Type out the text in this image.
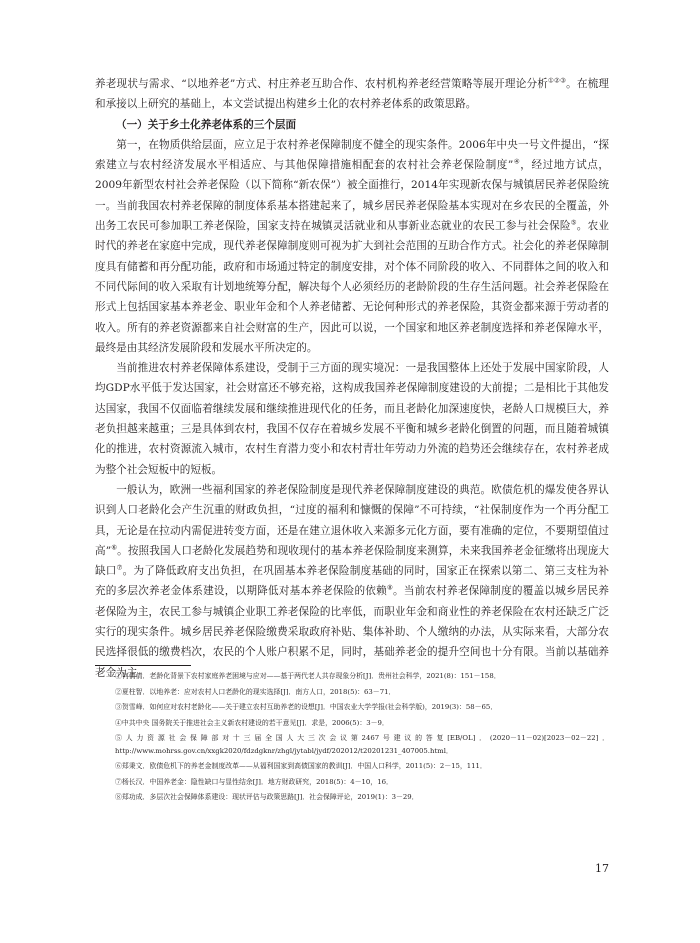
养老现状与需求、“以地养老”方式、村庄养老互助合作、农村机构养老经营策略等展开理论分析①②③。在梳理和承接以上研究的基础上，本文尝试提出构建乡土化的农村养老体系的政策思路。

（一）关于乡土化养老体系的三个层面

第一，在物质供给层面，应立足于农村养老保障制度不健全的现实条件。2006年中央一号文件提出，“探索建立与农村经济发展水平相适应、与其他保障措施相配套的农村社会养老保险制度”④，经过地方试点，2009年新型农村社会养老保险（以下简称“新农保”）被全面推行，2014年实现新农保与城镇居民养老保险统一。当前我国农村养老保障的制度体系基本搭建起来了，城乡居民养老保险基本实现对在乡农民的全覆盖，外出务工农民可参加职工养老保险，国家支持在城镇灵活就业和从事新业态就业的农民工参与社会保险⑤。农业时代的养老在家庭中完成，现代养老保障制度则可视为扩大到社会范围的互助合作方式。社会化的养老保障制度具有储蓄和再分配功能，政府和市场通过特定的制度安排，对个体不同阶段的收入、不同群体之间的收入和不同代际间的收入采取有计划地统筹分配，解决每个人必须经历的老龄阶段的生存生活问题。社会养老保险在形式上包括国家基本养老金、职业年金和个人养老储蓄、无论何种形式的养老保险，其资金都来源于劳动者的收入。所有的养老资源都来自社会财富的生产，因此可以说，一个国家和地区养老制度选择和养老保障水平，最终是由其经济发展阶段和发展水平所决定的。

当前推进农村养老保障体系建设，受制于三方面的现实境况：一是我国整体上还处于发展中国家阶段，人均GDP水平低于发达国家，社会财富还不够充裕，这构成我国养老保障制度建设的大前提；二是相比于其他发达国家，我国不仅面临着继续发展和继续推进现代化的任务，而且老龄化加深速度快，老龄人口规模巨大，养老负担越来越重；三是具体到农村，我国不仅存在着城乡发展不平衡和城乡老龄化倒置的问题，而且随着城镇化的推进，农村资源流入城市，农村生育潜力变小和农村青壮年劳动力外流的趋势还会继续存在，农村养老成为整个社会短板中的短板。

一般认为，欧洲一些福利国家的养老保险制度是现代养老保障制度建设的典范。欧债危机的爆发使各界认识到人口老龄化会产生沉重的财政负担，“过度的福利和慷慨的保障”不可持续，“社保制度作为一个再分配工具，无论是在拉动内需促进转变方面，还是在建立退休收入来源多元化方面，要有准确的定位，不要期望值过高”⑥。按照我国人口老龄化发展趋势和现收现付的基本养老保险制度来测算，未来我国养老金征缴将出现庞大缺口⑦。为了降低政府支出负担，在巩固基本养老保险制度基础的同时，国家正在探索以第二、第三支柱为补充的多层次养老金体系建设，以期降低对基本养老保险的依赖⑧。当前农村养老保障制度的覆盖以城乡居民养老保险为主，农民工参与城镇企业职工养老保险的比率低，而职业年金和商业性的养老保险在农村还缺乏广泛实行的现实条件。城乡居民养老保险缴费采取政府补贴、集体补助、个人缴纳的办法，从实际来看，大部分农民选择很低的缴费档次，农民的个人账户积累不足，同时，基础养老金的提升空间也十分有限。当前以基础养老金为主

①何倩倩．老龄化背景下农村家庭养老困境与应对——基于两代老人共存现象分析[J]．贵州社会科学，2021(8)：151－158．

②夏柱智．以地养老：应对农村人口老龄化的现实选择[J]．南方人口，2018(5)：63－71．

③贺雪峰．如何应对农村老龄化——关于建立农村互助养老的设想[J]．中国农业大学学报(社会科学版)，2019(3)：58－65．

④中共中央 国务院关于推进社会主义新农村建设的若干意见[J]．求是，2006(5)：3－9．

⑤人力资源社会保障部对十三届全国人大三次会议第2467号建议的答复[EB/OL]．(2020－11－02)[2023－02－22]．http://www.mohrss.gov.cn/xxgk2020/fdzdgknr/zhgl/jytabl/jydf/202012/t20201231_407005.html．

⑥郑秉文．欧债危机下的养老金制度改革——从福利国家到高债国家的教训[J]．中国人口科学，2011(5)：2－15，111．

⑦杨长汉．中国养老金：隐性缺口与显性结余[J]．地方财政研究，2018(5)：4－10，16．

⑧郑功成．多层次社会保障体系建设：现状评估与政策思路[J]．社会保障评论，2019(1)：3－29．

17
